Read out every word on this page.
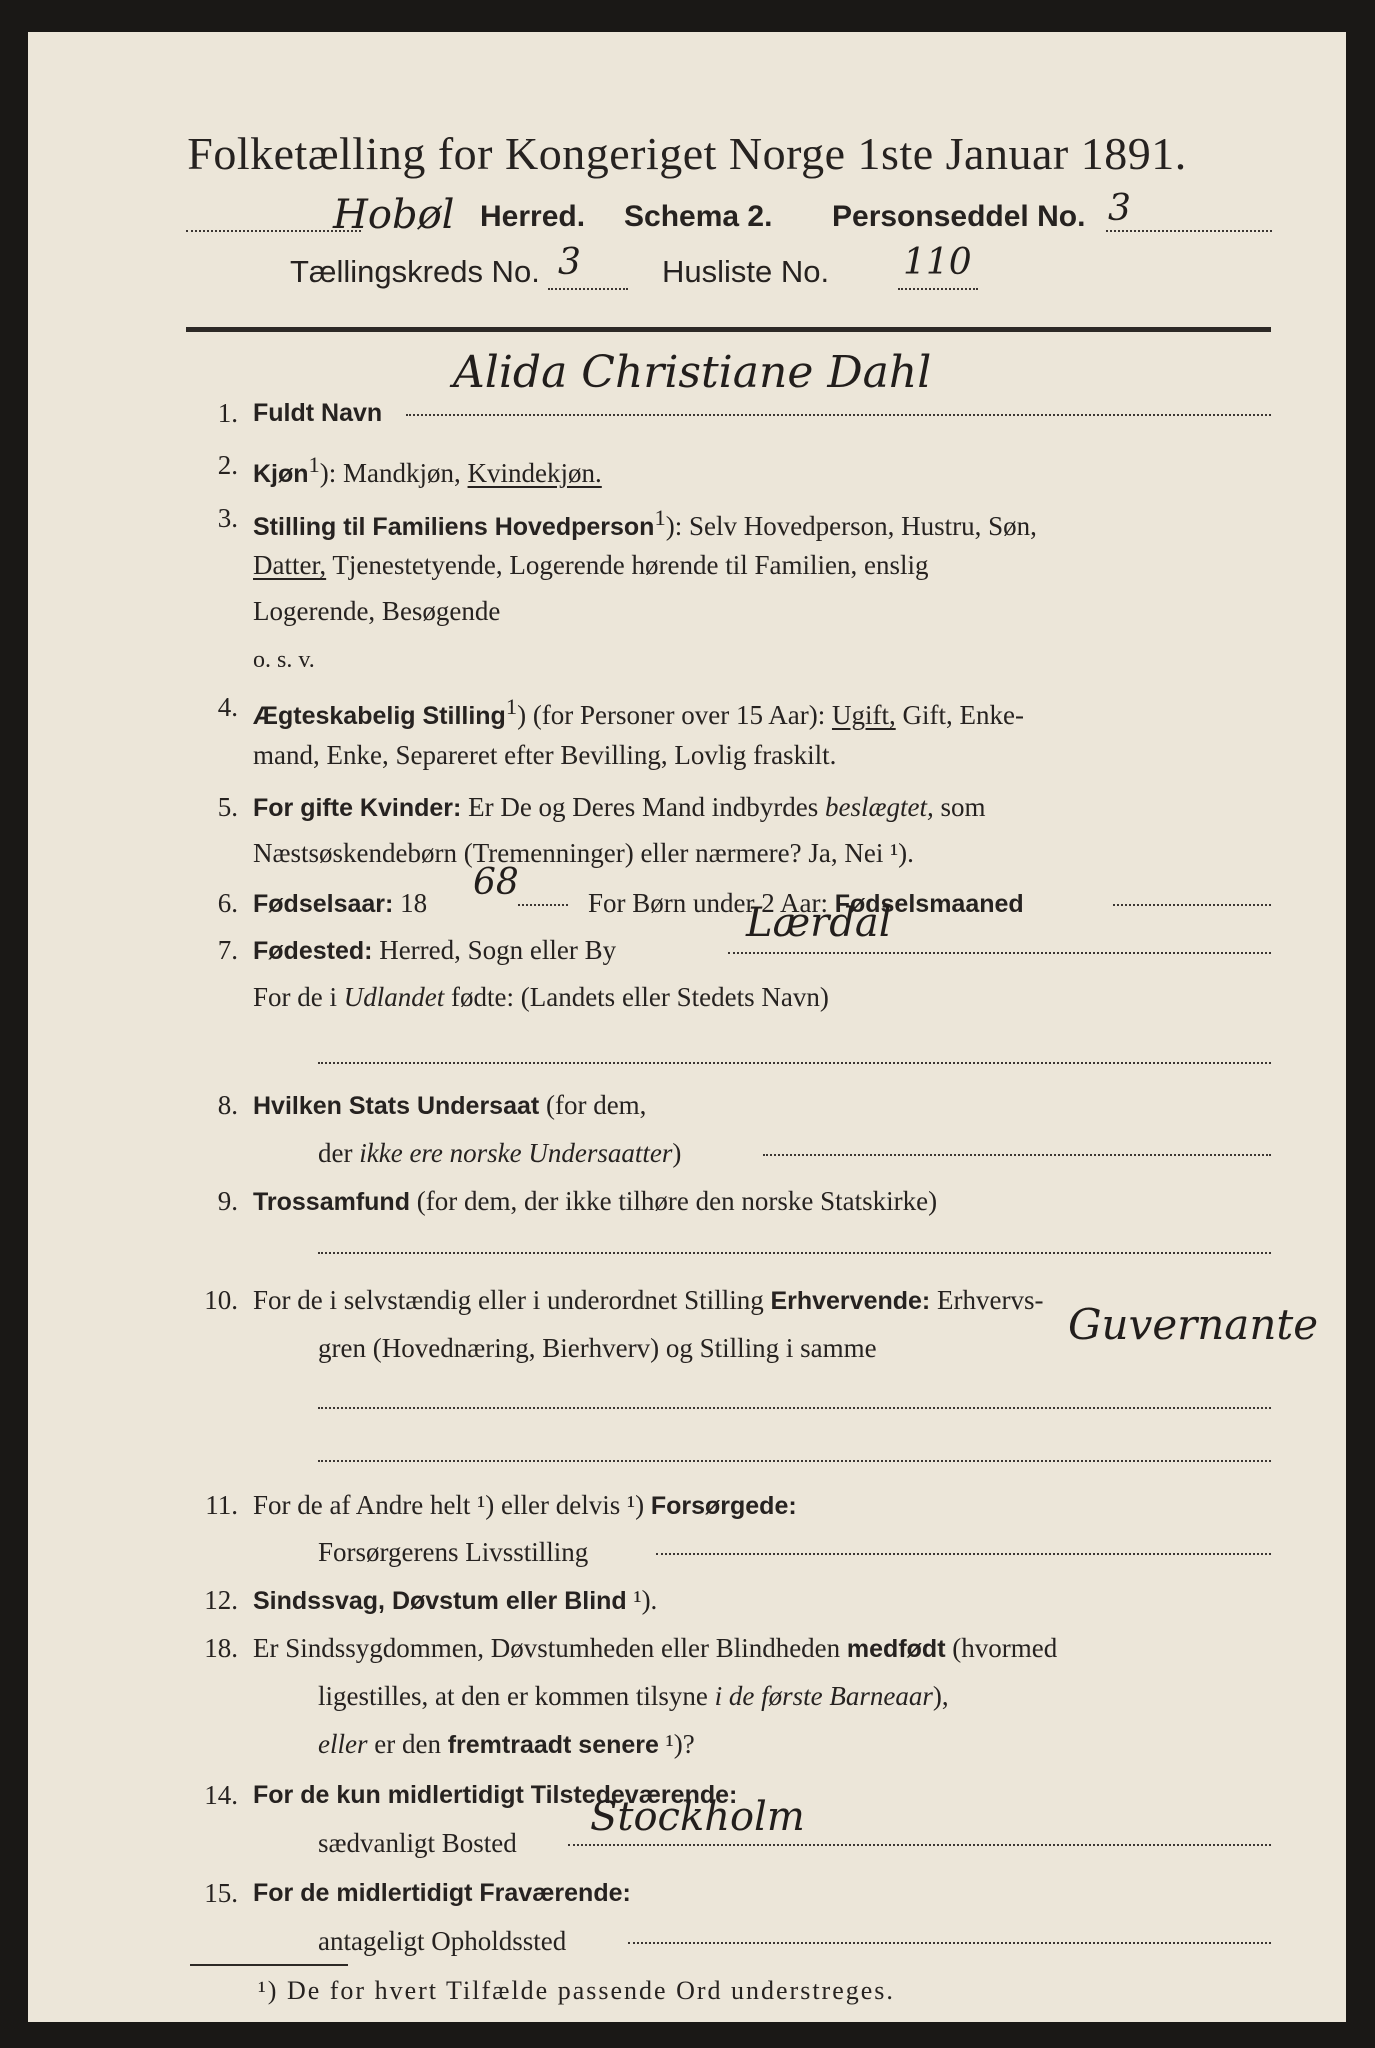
Folketælling for Kongeriget Norge 1ste Januar 1891.
Hobøl Herred. Schema 2. Personseddel No. 3
Tællingskreds No. 3	Husliste No. 110
1. Fuldt Navn
Alida Christiane Dahl
2. Kjøn$^1$): Mandkjøn, Kvindekjøn.
3. Stilling til Familiens Hovedperson$^1$): Selv Hovedperson, Hustru, Søn,
Datter, Tjenestetyende, Logerende hørende til Familien, enslig
Logerende, Besøgende
o. s. v.
4. Ægteskabelig Stilling$^1$) (for Personer over 15 Aar): Ugift, Gift, Enke-
mand, Enke, Separeret efter Bevilling, Lovlig fraskilt.
5. For gifte Kvinder: Er De og Deres Mand indbyrdes beslægtet, som
Næstsøskendebørn (Tremenninger) eller nærmere? Ja, Nei ¹).
6. Fødselsaar: 18	For Børn under 2 Aar: Fødselsmaaned
68
7. Fødested: Herred, Sogn eller By
Lærdal
For de i Udlandet fødte: (Landets eller Stedets Navn)
8. Hvilken Stats Undersaat (for dem,
der ikke ere norske Undersaatter)
9. Trossamfund (for dem, der ikke tilhøre den norske Statskirke)
10. For de i selvstændig eller i underordnet Stilling Erhvervende: Erhvervs-
gren (Hovednæring, Bierhverv) og Stilling i samme	Guvernante
11. For de af Andre helt ¹) eller delvis ¹) Forsørgede:
Forsørgerens Livsstilling
12. Sindssvag, Døvstum eller Blind ¹).
18. Er Sindssygdommen, Døvstumheden eller Blindheden medfødt (hvormed
ligestilles, at den er kommen tilsyne i de første Barneaar),
eller er den fremtraadt senere ¹)?
14. For de kun midlertidigt Tilstedeværende:
sædvanligt Bosted
Stockholm
15. For de midlertidigt Fraværende:
antageligt Opholdssted
¹) De for hvert Tilfælde passende Ord understreges.
